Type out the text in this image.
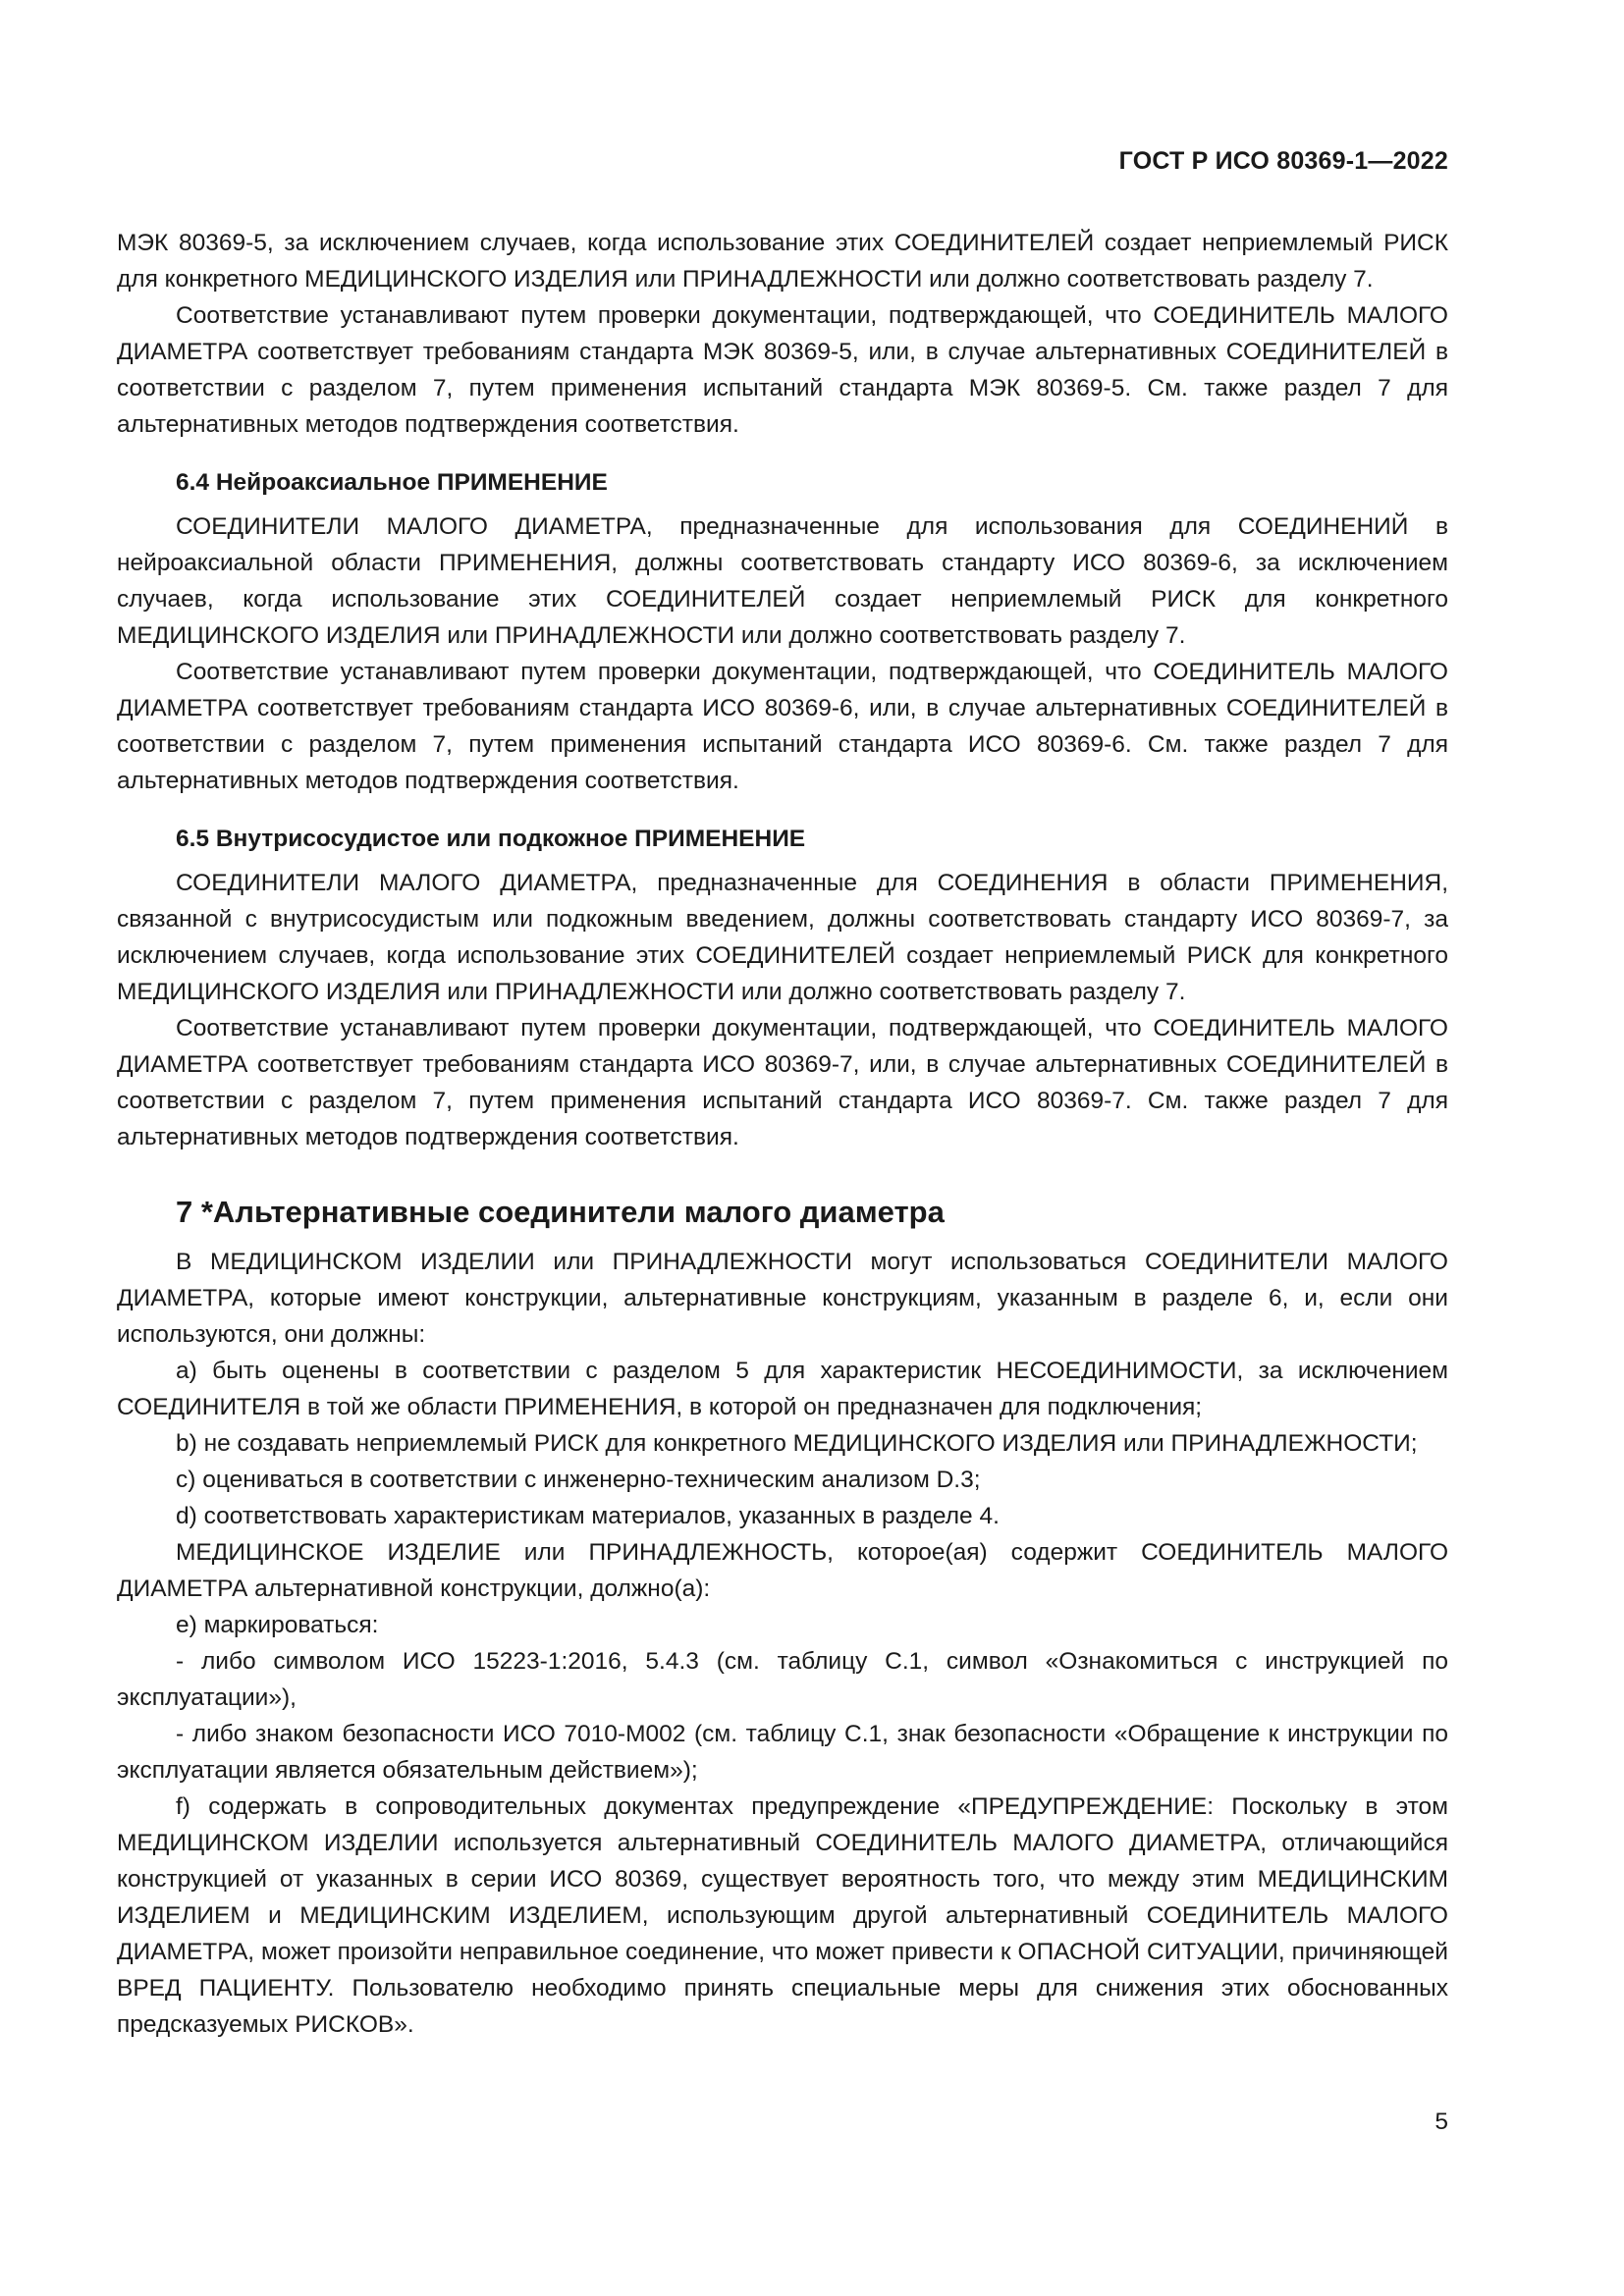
ГОСТ Р ИСО 80369-1—2022

МЭК 80369-5, за исключением случаев, когда использование этих СОЕДИНИТЕЛЕЙ создает неприемлемый РИСК для конкретного МЕДИЦИНСКОГО ИЗДЕЛИЯ или ПРИНАДЛЕЖНОСТИ или должно соответствовать разделу 7.

Соответствие устанавливают путем проверки документации, подтверждающей, что СОЕДИНИТЕЛЬ МАЛОГО ДИАМЕТРА соответствует требованиям стандарта МЭК 80369-5, или, в случае альтернативных СОЕДИНИТЕЛЕЙ в соответствии с разделом 7, путем применения испытаний стандарта МЭК 80369-5. См. также раздел 7 для альтернативных методов подтверждения соответствия.

6.4 Нейроаксиальное ПРИМЕНЕНИЕ

СОЕДИНИТЕЛИ МАЛОГО ДИАМЕТРА, предназначенные для использования для СОЕДИНЕНИЙ в нейроаксиальной области ПРИМЕНЕНИЯ, должны соответствовать стандарту ИСО 80369-6, за исключением случаев, когда использование этих СОЕДИНИТЕЛЕЙ создает неприемлемый РИСК для конкретного МЕДИЦИНСКОГО ИЗДЕЛИЯ или ПРИНАДЛЕЖНОСТИ или должно соответствовать разделу 7.

Соответствие устанавливают путем проверки документации, подтверждающей, что СОЕДИНИТЕЛЬ МАЛОГО ДИАМЕТРА соответствует требованиям стандарта ИСО 80369-6, или, в случае альтернативных СОЕДИНИТЕЛЕЙ в соответствии с разделом 7, путем применения испытаний стандарта ИСО 80369-6. См. также раздел 7 для альтернативных методов подтверждения соответствия.

6.5 Внутрисосудистое или подкожное ПРИМЕНЕНИЕ

СОЕДИНИТЕЛИ МАЛОГО ДИАМЕТРА, предназначенные для СОЕДИНЕНИЯ в области ПРИМЕНЕНИЯ, связанной с внутрисосудистым или подкожным введением, должны соответствовать стандарту ИСО 80369-7, за исключением случаев, когда использование этих СОЕДИНИТЕЛЕЙ создает неприемлемый РИСК для конкретного МЕДИЦИНСКОГО ИЗДЕЛИЯ или ПРИНАДЛЕЖНОСТИ или должно соответствовать разделу 7.

Соответствие устанавливают путем проверки документации, подтверждающей, что СОЕДИНИТЕЛЬ МАЛОГО ДИАМЕТРА соответствует требованиям стандарта ИСО 80369-7, или, в случае альтернативных СОЕДИНИТЕЛЕЙ в соответствии с разделом 7, путем применения испытаний стандарта ИСО 80369-7. См. также раздел 7 для альтернативных методов подтверждения соответствия.

7 *Альтернативные соединители малого диаметра

В МЕДИЦИНСКОМ ИЗДЕЛИИ или ПРИНАДЛЕЖНОСТИ могут использоваться СОЕДИНИТЕЛИ МАЛОГО ДИАМЕТРА, которые имеют конструкции, альтернативные конструкциям, указанным в разделе 6, и, если они используются, они должны:

a) быть оценены в соответствии с разделом 5 для характеристик НЕСОЕДИНИМОСТИ, за исключением СОЕДИНИТЕЛЯ в той же области ПРИМЕНЕНИЯ, в которой он предназначен для подключения;

b) не создавать неприемлемый РИСК для конкретного МЕДИЦИНСКОГО ИЗДЕЛИЯ или ПРИНАДЛЕЖНОСТИ;

c) оцениваться в соответствии с инженерно-техническим анализом D.3;

d) соответствовать характеристикам материалов, указанных в разделе 4.

МЕДИЦИНСКОЕ ИЗДЕЛИЕ или ПРИНАДЛЕЖНОСТЬ, которое(ая) содержит СОЕДИНИТЕЛЬ МАЛОГО ДИАМЕТРА альтернативной конструкции, должно(а):

e) маркироваться:

- либо символом ИСО 15223-1:2016, 5.4.3 (см. таблицу С.1, символ «Ознакомиться с инструкцией по эксплуатации»),

- либо знаком безопасности ИСО 7010-M002 (см. таблицу С.1, знак безопасности «Обращение к инструкции по эксплуатации является обязательным действием»);

f) содержать в сопроводительных документах предупреждение «ПРЕДУПРЕЖДЕНИЕ: Поскольку в этом МЕДИЦИНСКОМ ИЗДЕЛИИ используется альтернативный СОЕДИНИТЕЛЬ МАЛОГО ДИАМЕТРА, отличающийся конструкцией от указанных в серии ИСО 80369, существует вероятность того, что между этим МЕДИЦИНСКИМ ИЗДЕЛИЕМ и МЕДИЦИНСКИМ ИЗДЕЛИЕМ, использующим другой альтернативный СОЕДИНИТЕЛЬ МАЛОГО ДИАМЕТРА, может произойти неправильное соединение, что может привести к ОПАСНОЙ СИТУАЦИИ, причиняющей ВРЕД ПАЦИЕНТУ. Пользователю необходимо принять специальные меры для снижения этих обоснованных предсказуемых РИСКОВ».

5
